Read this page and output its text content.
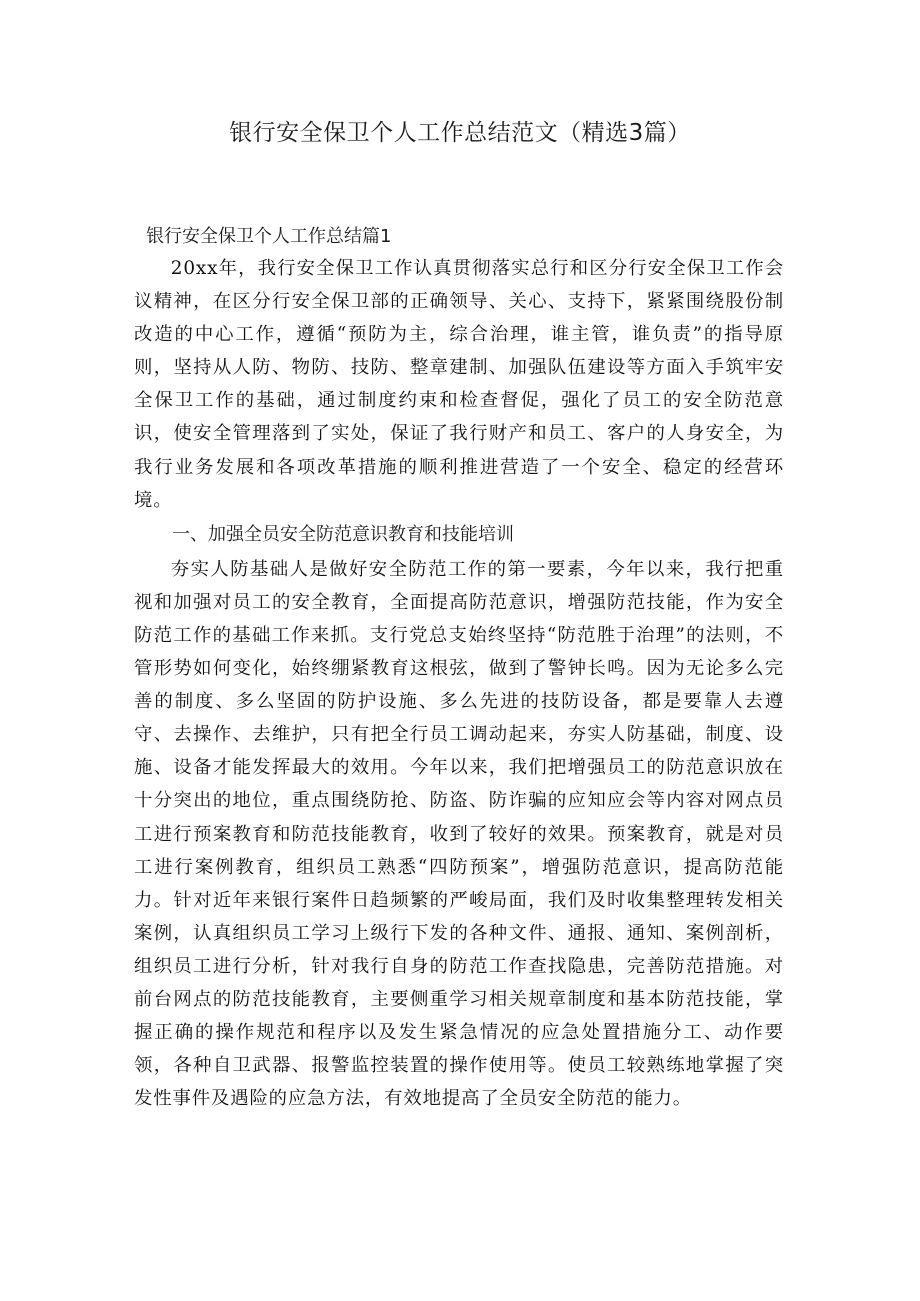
银行安全保卫个人工作总结范文（精选3篇）
银行安全保卫个人工作总结篇1

20xx年，我行安全保卫工作认真贯彻落实总行和区分行安全保卫工作会议精神，在区分行安全保卫部的正确领导、关心、支持下，紧紧围绕股份制改造的中心工作，遵循“预防为主，综合治理，谁主管，谁负责”的指导原则，坚持从人防、物防、技防、整章建制、加强队伍建设等方面入手筑牢安全保卫工作的基础，通过制度约束和检查督促，强化了员工的安全防范意识，使安全管理落到了实处，保证了我行财产和员工、客户的人身安全，为我行业务发展和各项改革措施的顺利推进营造了一个安全、稳定的经营环境。

一、加强全员安全防范意识教育和技能培训

夯实人防基础人是做好安全防范工作的第一要素，今年以来，我行把重视和加强对员工的安全教育，全面提高防范意识，增强防范技能，作为安全防范工作的基础工作来抓。支行党总支始终坚持“防范胜于治理”的法则，不管形势如何变化，始终绷紧教育这根弦，做到了警钟长鸣。因为无论多么完善的制度、多么坚固的防护设施、多么先进的技防设备，都是要靠人去遵守、去操作、去维护，只有把全行员工调动起来，夯实人防基础，制度、设施、设备才能发挥最大的效用。今年以来，我们把增强员工的防范意识放在十分突出的地位，重点围绕防抢、防盗、防诈骗的应知应会等内容对网点员工进行预案教育和防范技能教育，收到了较好的效果。预案教育，就是对员工进行案例教育，组织员工熟悉“四防预案”，增强防范意识，提高防范能力。针对近年来银行案件日趋频繁的严峻局面，我们及时收集整理转发相关案例，认真组织员工学习上级行下发的各种文件、通报、通知、案例剖析，组织员工进行分析，针对我行自身的防范工作查找隐患，完善防范措施。对前台网点的防范技能教育，主要侧重学习相关规章制度和基本防范技能，掌握正确的操作规范和程序以及发生紧急情况的应急处置措施分工、动作要领，各种自卫武器、报警监控装置的操作使用等。使员工较熟练地掌握了突发性事件及遇险的应急方法，有效地提高了全员安全防范的能力。
